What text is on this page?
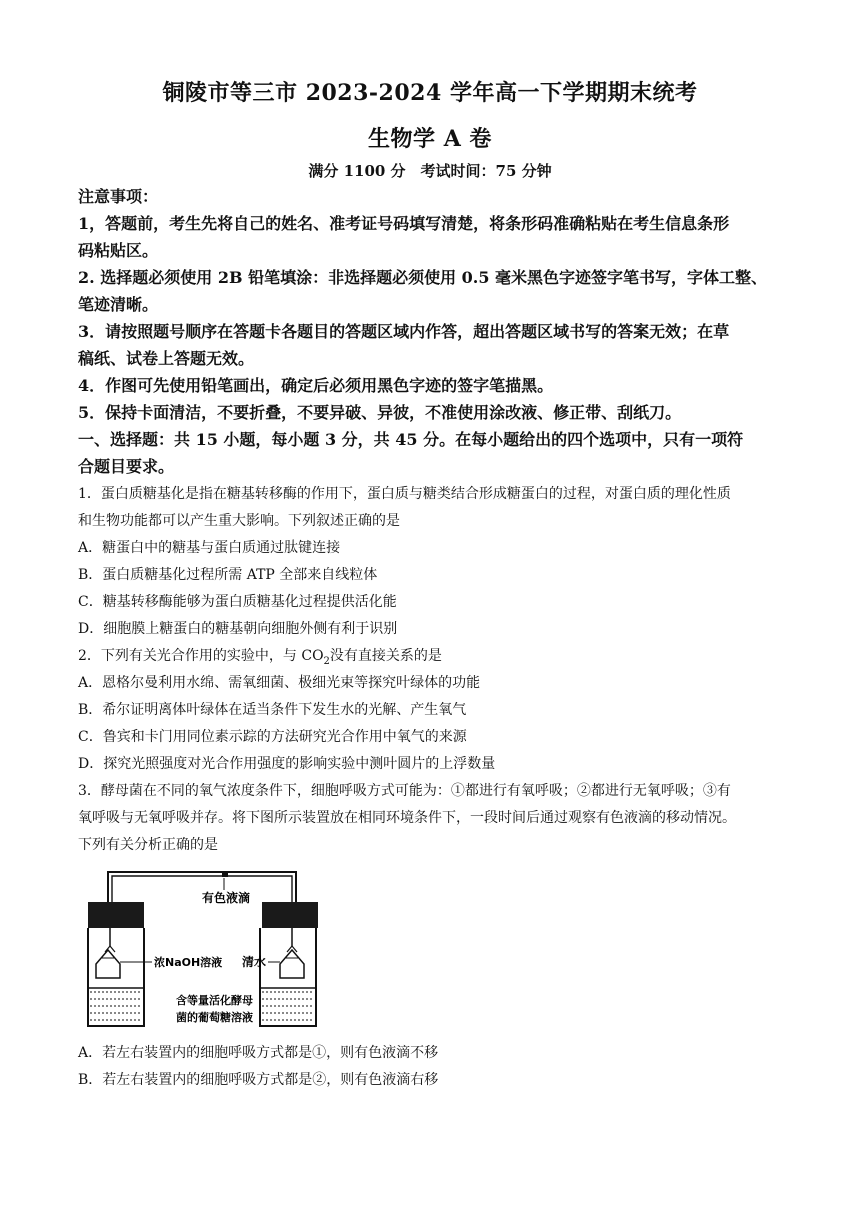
铜陵市等三市 2023-2024 学年高一下学期期末统考
生物学 A 卷
满分 1100 分　考试时间：75 分钟
注意事项：
1，答题前，考生先将自己的姓名、准考证号码填写清楚，将条形码准确粘贴在考生信息条形
码粘贴区。
2. 选择题必须使用 2B 铅笔填涂：非选择题必须使用 0.5 毫米黑色字迹签字笔书写，字体工整、
笔迹清晰。
3．请按照题号顺序在答题卡各题目的答题区域内作答，超出答题区域书写的答案无效；在草
稿纸、试卷上答题无效。
4．作图可先使用铅笔画出，确定后必须用黑色字迹的签字笔描黑。
5．保持卡面清洁，不要折叠，不要异破、异彼，不准使用涂改液、修正带、刮纸刀。
一、选择题：共 15 小题，每小题 3 分，共 45 分。在每小题给出的四个选项中，只有一项符
合题目要求。
1．蛋白质糖基化是指在糖基转移酶的作用下，蛋白质与糖类结合形成糖蛋白的过程，对蛋白质的理化性质
和生物功能都可以产生重大影响。下列叙述正确的是
A．糖蛋白中的糖基与蛋白质通过肽键连接
B．蛋白质糖基化过程所需 ATP 全部来自线粒体
C．糖基转移酶能够为蛋白质糖基化过程提供活化能
D．细胞膜上糖蛋白的糖基朝向细胞外侧有利于识别
2．下列有关光合作用的实验中，与 $CO_2$没有直接关系的是
A．恩格尔曼利用水绵、需氧细菌、极细光束等探究叶绿体的功能
B．希尔证明离体叶绿体在适当条件下发生水的光解、产生氧气
C．鲁宾和卡门用同位素示踪的方法研究光合作用中氧气的来源
D．探究光照强度对光合作用强度的影响实验中测叶圆片的上浮数量
3．酵母菌在不同的氧气浓度条件下，细胞呼吸方式可能为：①都进行有氧呼吸；②都进行无氧呼吸；③有
氧呼吸与无氧呼吸并存。将下图所示装置放在相同环境条件下，一段时间后通过观察有色液滴的移动情况。
下列有关分析正确的是
有色液滴
浓NaOH溶液 清水
含等量活化酵母
菌的葡萄糖溶液
A．若左右装置内的细胞呼吸方式都是①，则有色液滴不移
B．若左右装置内的细胞呼吸方式都是②，则有色液滴右移
